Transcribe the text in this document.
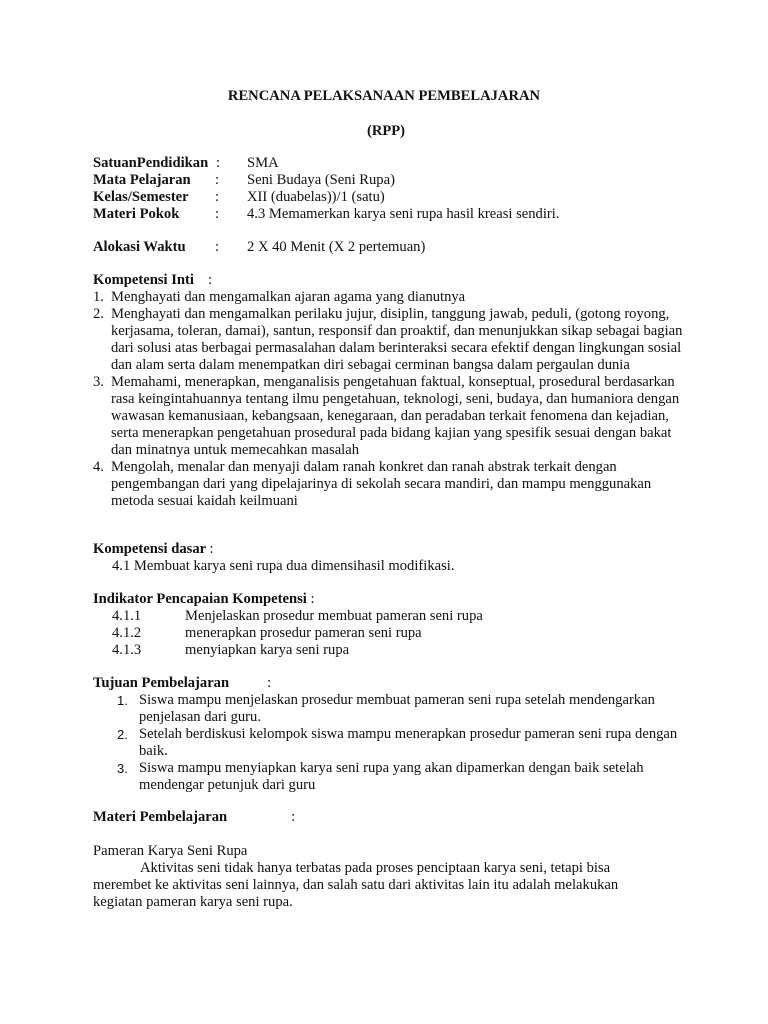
RENCANA PELAKSANAAN PEMBELAJARAN
(RPP)
SatuanPendidikan : SMA
Mata Pelajaran : Seni Budaya (Seni Rupa)
Kelas/Semester : XII (duabelas))/1 (satu)
Materi Pokok : 4.3 Memamerkan karya seni rupa hasil kreasi sendiri.
Alokasi Waktu : 2 X 40 Menit (X 2 pertemuan)
Kompetensi Inti :
1. Menghayati dan mengamalkan ajaran agama yang dianutnya
2. Menghayati dan mengamalkan perilaku jujur, disiplin, tanggung jawab, peduli, (gotong royong, kerjasama, toleran, damai), santun, responsif dan proaktif, dan menunjukkan sikap sebagai bagian dari solusi atas berbagai permasalahan dalam berinteraksi secara efektif dengan lingkungan sosial dan alam serta dalam menempatkan diri sebagai cerminan bangsa dalam pergaulan dunia
3. Memahami, menerapkan, menganalisis pengetahuan faktual, konseptual, prosedural berdasarkan rasa keingintahuannya tentang ilmu pengetahuan, teknologi, seni, budaya, dan humaniora dengan wawasan kemanusiaan, kebangsaan, kenegaraan, dan peradaban terkait fenomena dan kejadian, serta menerapkan pengetahuan prosedural pada bidang kajian yang spesifik sesuai dengan bakat dan minatnya untuk memecahkan masalah
4. Mengolah, menalar dan menyaji dalam ranah konkret dan ranah abstrak terkait dengan pengembangan dari yang dipelajarinya di sekolah secara mandiri, dan mampu menggunakan metoda sesuai kaidah keilmuani
Kompetensi dasar :
4.1 Membuat karya seni rupa dua dimensihasil modifikasi.
Indikator Pencapaian Kompetensi :
4.1.1	Menjelaskan prosedur membuat pameran seni rupa
4.1.2	menerapkan prosedur pameran seni rupa
4.1.3	menyiapkan karya seni rupa
Tujuan Pembelajaran	:
1. Siswa mampu menjelaskan prosedur membuat pameran seni rupa setelah mendengarkan penjelasan dari guru.
2. Setelah berdiskusi kelompok siswa mampu menerapkan prosedur pameran seni rupa dengan baik.
3. Siswa mampu menyiapkan karya seni rupa yang akan dipamerkan dengan baik setelah mendengar petunjuk dari guru
Materi Pembelajaran	:
Pameran Karya Seni Rupa
Aktivitas seni tidak hanya terbatas pada proses penciptaan karya seni, tetapi bisa merembet ke aktivitas seni lainnya, dan salah satu dari aktivitas lain itu adalah melakukan kegiatan pameran karya seni rupa.
